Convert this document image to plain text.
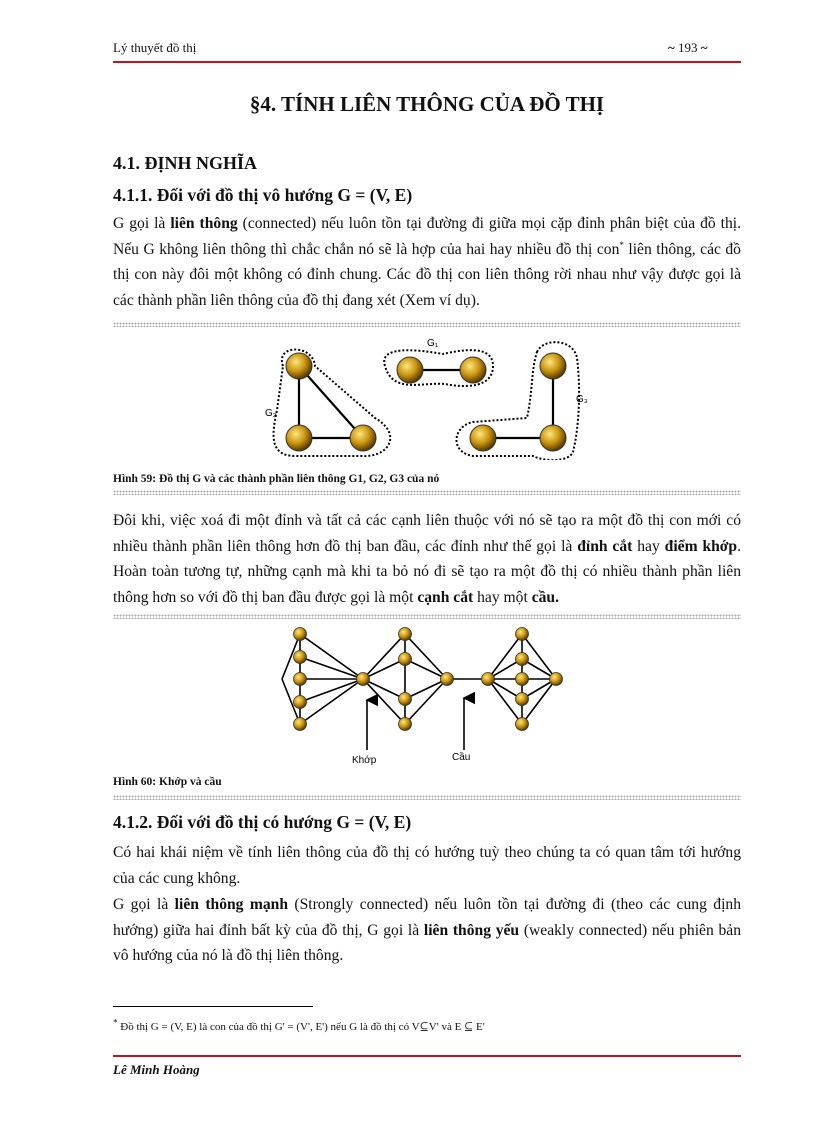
Lý thuyết đồ thị	~ 193 ~
§4. TÍNH LIÊN THÔNG CỦA ĐỒ THỊ
4.1. ĐỊNH NGHĨA
4.1.1. Đối với đồ thị vô hướng G = (V, E)

G gọi là liên thông (connected) nếu luôn tồn tại đường đi giữa mọi cặp đỉnh phân biệt của đồ thị. Nếu G không liên thông thì chắc chắn nó sẽ là hợp của hai hay nhiều đồ thị con* liên thông, các đồ thị con này đôi một không có đỉnh chung. Các đồ thị con liên thông rời nhau như vậy được gọi là các thành phần liên thông của đồ thị đang xét (Xem ví dụ).

G₁
G₂
G₃
Hình 59: Đồ thị G và các thành phần liên thông G1, G2, G3 của nó

Đôi khi, việc xoá đi một đỉnh và tất cả các cạnh liên thuộc với nó sẽ tạo ra một đồ thị con mới có nhiều thành phần liên thông hơn đồ thị ban đầu, các đỉnh như thế gọi là đỉnh cắt hay điểm khớp. Hoàn toàn tương tự, những cạnh mà khi ta bỏ nó đi sẽ tạo ra một đồ thị có nhiều thành phần liên thông hơn so với đồ thị ban đầu được gọi là một cạnh cắt hay một cầu.

Khớp	Cầu
Hình 60: Khớp và cầu
4.1.2. Đối với đồ thị có hướng G = (V, E)

Có hai khái niệm về tính liên thông của đồ thị có hướng tuỳ theo chúng ta có quan tâm tới hướng của các cung không.

G gọi là liên thông mạnh (Strongly connected) nếu luôn tồn tại đường đi (theo các cung định hướng) giữa hai đỉnh bất kỳ của đồ thị, G gọi là liên thông yếu (weakly connected) nếu phiên bản vô hướng của nó là đồ thị liên thông.

* Đồ thị G = (V, E) là con của đồ thị G' = (V', E') nếu G là đồ thị có V⊆V' và E ⊆ E'
Lê Minh Hoàng
